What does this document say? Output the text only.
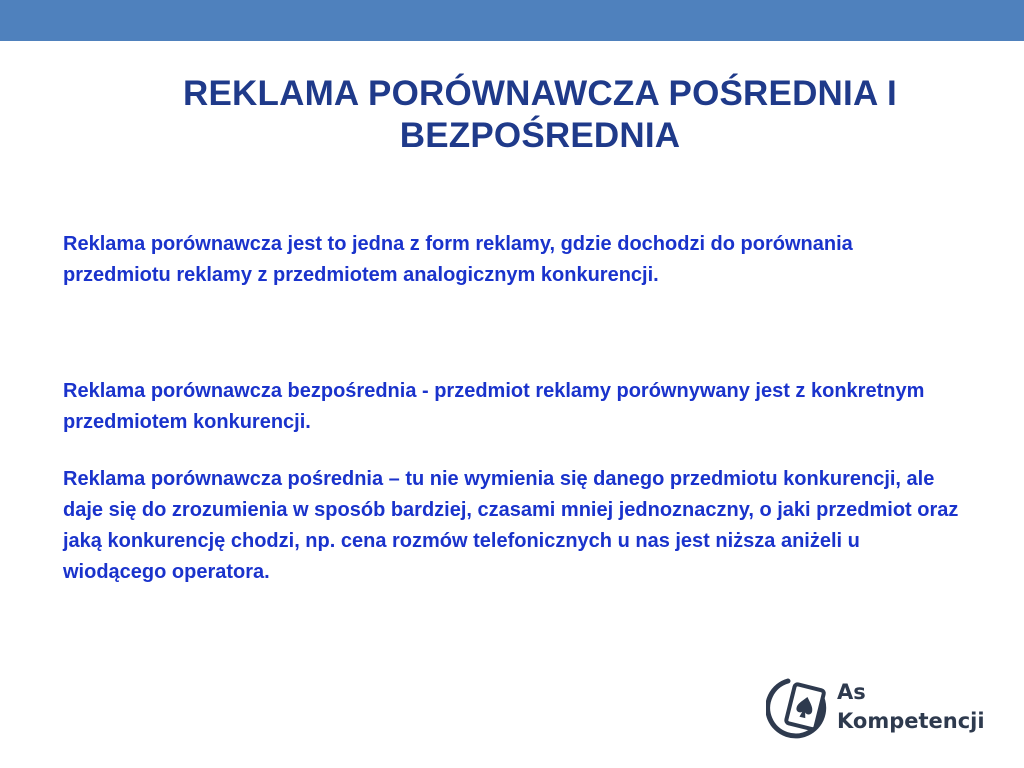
REKLAMA PORÓWNAWCZA POŚREDNIA I BEZPOŚREDNIA

Reklama porównawcza jest to jedna z form reklamy, gdzie dochodzi do porównania przedmiotu reklamy z przedmiotem analogicznym konkurencji.

Reklama porównawcza bezpośrednia - przedmiot reklamy porównywany jest z konkretnym przedmiotem konkurencji.

Reklama porównawcza pośrednia – tu nie wymienia się danego przedmiotu konkurencji, ale daje się do zrozumienia w sposób bardziej, czasami mniej jednoznaczny, o jaki przedmiot oraz jaką konkurencję chodzi, np. cena rozmów telefonicznych u nas jest niższa aniżeli u wiodącego operatora.

As
Kompetencji
